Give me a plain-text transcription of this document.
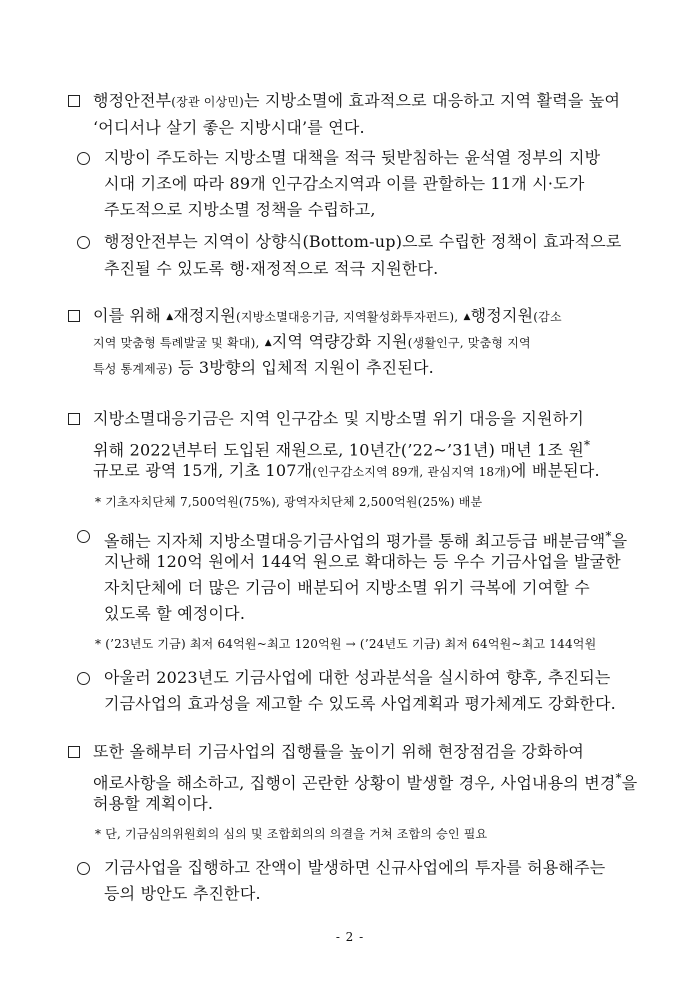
행정안전부(장관 이상민)는 지방소멸에 효과적으로 대응하고 지역 활력을 높여
‘어디서나 살기 좋은 지방시대’를 연다.
지방이 주도하는 지방소멸 대책을 적극 뒷받침하는 윤석열 정부의 지방
시대 기조에 따라 89개 인구감소지역과 이를 관할하는 11개 시·도가
주도적으로 지방소멸 정책을 수립하고,
행정안전부는 지역이 상향식(Bottom-up)으로 수립한 정책이 효과적으로
추진될 수 있도록 행·재정적으로 적극 지원한다.
이를 위해 ▲재정지원(지방소멸대응기금, 지역활성화투자펀드), ▲행정지원(감소
지역 맞춤형 특례발굴 및 확대), ▲지역 역량강화 지원(생활인구, 맞춤형 지역
특성 통계제공) 등 3방향의 입체적 지원이 추진된다.
지방소멸대응기금은 지역 인구감소 및 지방소멸 위기 대응을 지원하기
위해 2022년부터 도입된 재원으로, 10년간(’22~’31년) 매년 1조 원*
규모로 광역 15개, 기초 107개(인구감소지역 89개, 관심지역 18개)에 배분된다.
* 기초자치단체 7,500억원(75%), 광역자치단체 2,500억원(25%) 배분
올해는 지자체 지방소멸대응기금사업의 평가를 통해 최고등급 배분금액*을
지난해 120억 원에서 144억 원으로 확대하는 등 우수 기금사업을 발굴한
자치단체에 더 많은 기금이 배분되어 지방소멸 위기 극복에 기여할 수
있도록 할 예정이다.
* (’23년도 기금) 최저 64억원~최고 120억원 → (’24년도 기금) 최저 64억원~최고 144억원
아울러 2023년도 기금사업에 대한 성과분석을 실시하여 향후, 추진되는
기금사업의 효과성을 제고할 수 있도록 사업계획과 평가체계도 강화한다.
또한 올해부터 기금사업의 집행률을 높이기 위해 현장점검을 강화하여
애로사항을 해소하고, 집행이 곤란한 상황이 발생할 경우, 사업내용의 변경*을
허용할 계획이다.
* 단, 기금심의위원회의 심의 및 조합회의의 의결을 거쳐 조합의 승인 필요
기금사업을 집행하고 잔액이 발생하면 신규사업에의 투자를 허용해주는
등의 방안도 추진한다.
- 2 -
